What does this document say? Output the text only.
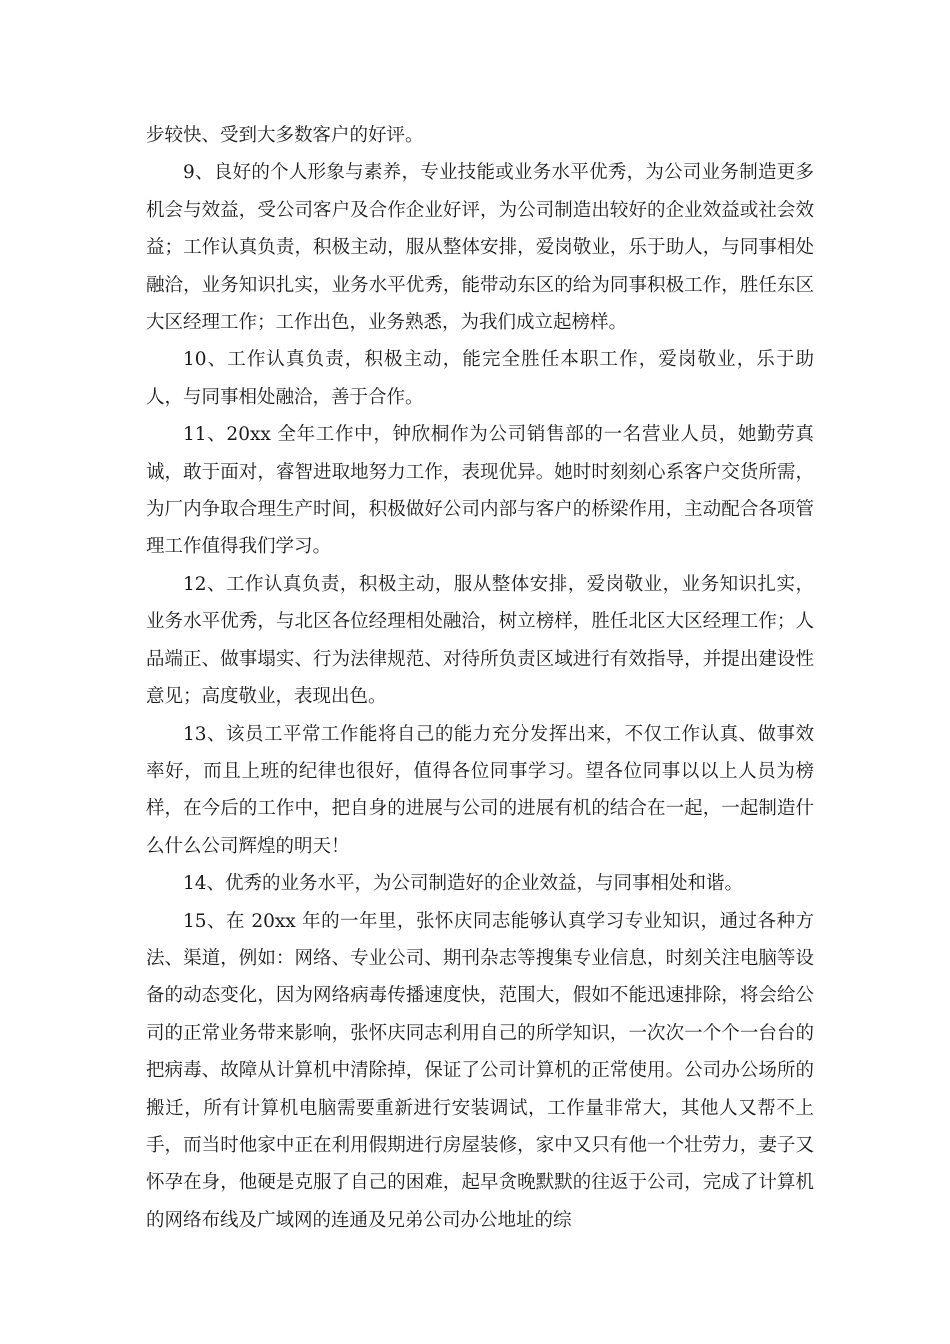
步较快、受到大多数客户的好评。

9、良好的个人形象与素养，专业技能或业务水平优秀，为公司业务制造更多机会与效益，受公司客户及合作企业好评，为公司制造出较好的企业效益或社会效益；工作认真负责，积极主动，服从整体安排，爱岗敬业，乐于助人，与同事相处融洽，业务知识扎实，业务水平优秀，能带动东区的给为同事积极工作，胜任东区大区经理工作；工作出色，业务熟悉，为我们成立起榜样。

10、工作认真负责，积极主动，能完全胜任本职工作，爱岗敬业，乐于助人，与同事相处融洽，善于合作。

11、20xx 全年工作中，钟欣桐作为公司销售部的一名营业人员，她勤劳真诚，敢于面对，睿智进取地努力工作，表现优异。她时时刻刻心系客户交货所需，为厂内争取合理生产时间，积极做好公司内部与客户的桥梁作用，主动配合各项管理工作值得我们学习。

12、工作认真负责，积极主动，服从整体安排，爱岗敬业，业务知识扎实，业务水平优秀，与北区各位经理相处融洽，树立榜样，胜任北区大区经理工作；人品端正、做事塌实、行为法律规范、对待所负责区域进行有效指导，并提出建设性意见；高度敬业，表现出色。

13、该员工平常工作能将自己的能力充分发挥出来，不仅工作认真、做事效率好，而且上班的纪律也很好，值得各位同事学习。望各位同事以以上人员为榜样，在今后的工作中，把自身的进展与公司的进展有机的结合在一起，一起制造什么什么公司辉煌的明天！

14、优秀的业务水平，为公司制造好的企业效益，与同事相处和谐。

15、在 20xx 年的一年里，张怀庆同志能够认真学习专业知识，通过各种方法、渠道，例如：网络、专业公司、期刊杂志等搜集专业信息，时刻关注电脑等设备的动态变化，因为网络病毒传播速度快，范围大，假如不能迅速排除，将会给公司的正常业务带来影响，张怀庆同志利用自己的所学知识，一次次一个个一台台的把病毒、故障从计算机中清除掉，保证了公司计算机的正常使用。公司办公场所的搬迁，所有计算机电脑需要重新进行安装调试，工作量非常大，其他人又帮不上手，而当时他家中正在利用假期进行房屋装修，家中又只有他一个壮劳力，妻子又怀孕在身，他硬是克服了自己的困难，起早贪晚默默的往返于公司，完成了计算机的网络布线及广域网的连通及兄弟公司办公地址的综
